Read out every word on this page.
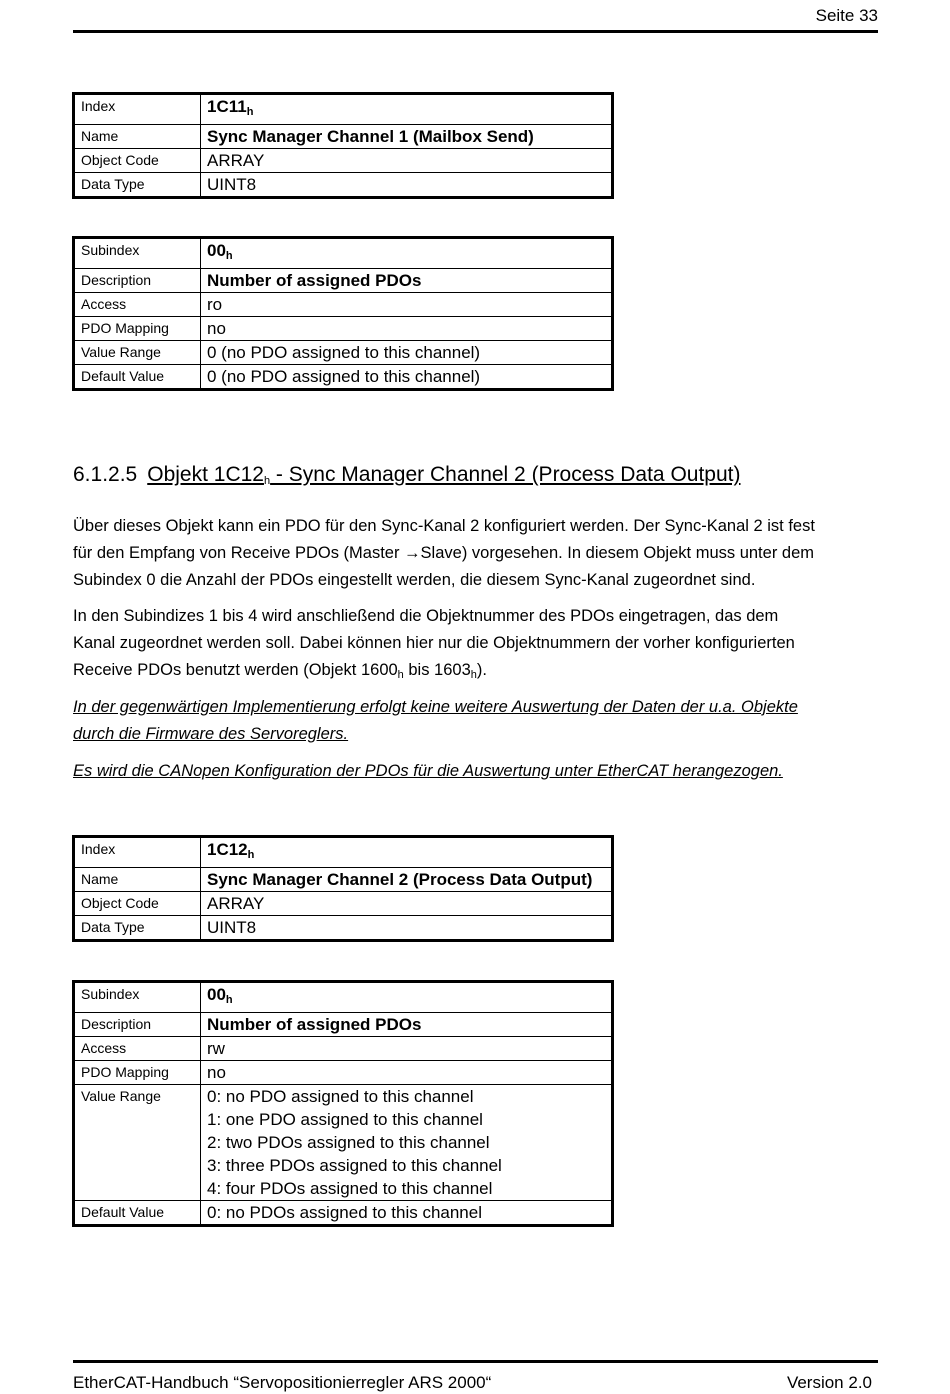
Seite 33
Index	$1C11_h$
Name	Sync Manager Channel 1 (Mailbox Send)
Object Code	ARRAY
Data Type	UINT8
Subindex	$00_h$
Description	Number of assigned PDOs
Access	ro
PDO Mapping	no
Value Range	0 (no PDO assigned to this channel)
Default Value	0 (no PDO assigned to this channel)
6.1.2.5 Objekt 1C12h - Sync Manager Channel 2 (Process Data Output)

Über dieses Objekt kann ein PDO für den Sync-Kanal 2 konfiguriert werden. Der Sync-Kanal 2 ist fest
für den Empfang von Receive PDOs (Master →Slave) vorgesehen. In diesem Objekt muss unter dem
Subindex 0 die Anzahl der PDOs eingestellt werden, die diesem Sync-Kanal zugeordnet sind.

In den Subindizes 1 bis 4 wird anschließend die Objektnummer des PDOs eingetragen, das dem
Kanal zugeordnet werden soll. Dabei können hier nur die Objektnummern der vorher konfigurierten
Receive PDOs benutzt werden (Objekt 1600h bis 1603h).

In der gegenwärtigen Implementierung erfolgt keine weitere Auswertung der Daten der u.a. Objekte
durch die Firmware des Servoreglers.

Es wird die CANopen Konfiguration der PDOs für die Auswertung unter EtherCAT herangezogen.

Index	$1C12_h$
Name	Sync Manager Channel 2 (Process Data Output)
Object Code	ARRAY
Data Type	UINT8
Subindex	$00_h$
Description	Number of assigned PDOs
Access	rw
PDO Mapping	no
Value Range	0: no PDO assigned to this channel
1: one PDO assigned to this channel
2: two PDOs assigned to this channel
3: three PDOs assigned to this channel
4: four PDOs assigned to this channel

Default Value	0: no PDOs assigned to this channel
EtherCAT-Handbuch “Servopositionierregler ARS 2000“	Version 2.0
